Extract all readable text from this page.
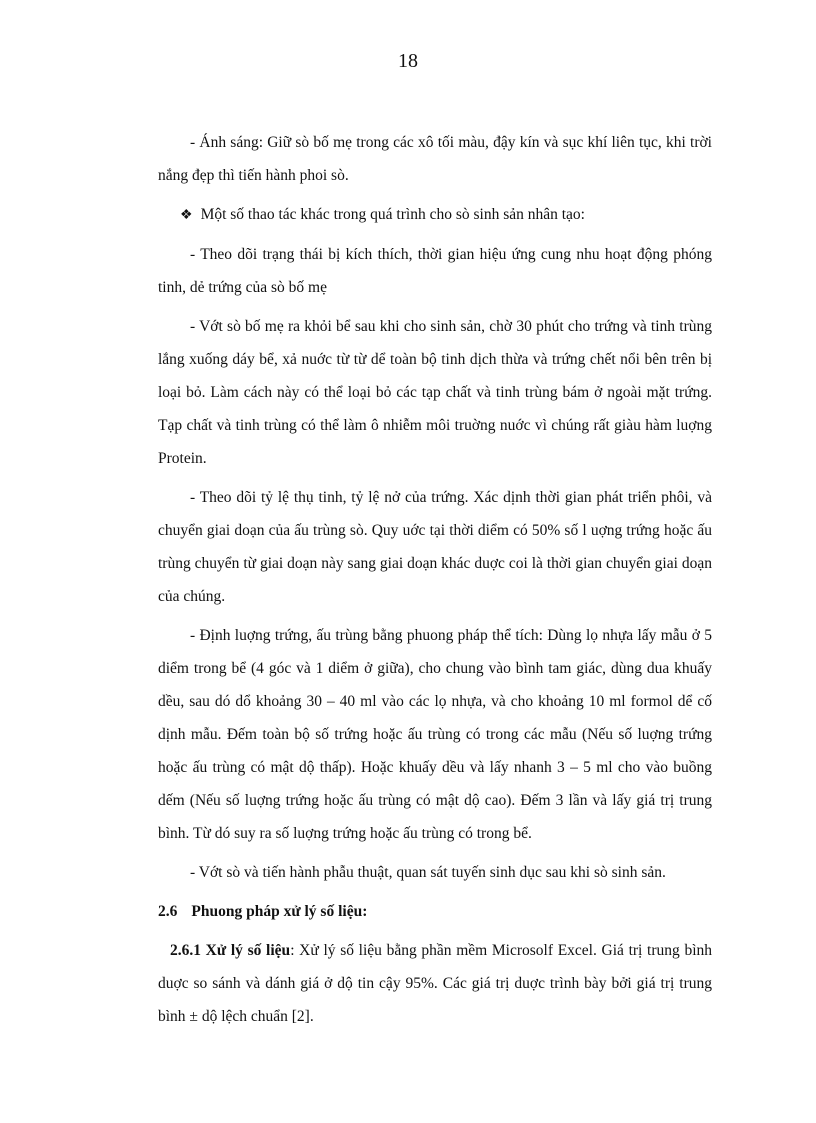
18

- Ánh sáng: Giữ sò bố mẹ trong các xô tối màu, đậy kín và sục khí liên tục, khi trời nắng đẹp thì tiến hành phoi sò.

❖ Một số thao tác khác trong quá trình cho sò sinh sản nhân tạo:

- Theo dõi trạng thái bị kích thích, thời gian hiệu ứng cung nhu hoạt động phóng tinh, dẻ trứng của sò bố mẹ

- Vớt sò bố mẹ ra khỏi bể sau khi cho sinh sản, chờ 30 phút cho trứng và tinh trùng lắng xuống dáy bể, xả nuớc từ từ dể toàn bộ tinh dịch thừa và trứng chết nổi bên trên bị loại bỏ. Làm cách này có thể loại bỏ các tạp chất và tinh trùng bám ở ngoài mặt trứng. Tạp chất và tinh trùng có thể làm ô nhiễm môi truờng nuớc vì chúng rất giàu hàm luợng Protein.

- Theo dõi tỷ lệ thụ tinh, tỷ lệ nở của trứng. Xác dịnh thời gian phát triển phôi, và chuyển giai doạn của ấu trùng sò. Quy uớc tại thời diểm có 50% số l uợng trứng hoặc ấu trùng chuyển từ giai doạn này sang giai doạn khác duợc coi là thời gian chuyển giai doạn của chúng.

- Ðịnh luợng trứng, ấu trùng bằng phuong pháp thể tích: Dùng lọ nhựa lấy mẫu ở 5 diểm trong bể (4 góc và 1 diểm ở giữa), cho chung vào bình tam giác, dùng dua khuấy dều, sau dó dổ khoảng 30 – 40 ml vào các lọ nhựa, và cho khoảng 10 ml formol dể cố dịnh mẫu. Ðếm toàn bộ số trứng hoặc ấu trùng có trong các mẫu (Nếu số luợng trứng hoặc ấu trùng có mật dộ thấp). Hoặc khuấy dều và lấy nhanh 3 – 5 ml cho vào buồng dếm (Nếu số luợng trứng hoặc ấu trùng có mật dộ cao). Ðếm 3 lần và lấy giá trị trung bình. Từ dó suy ra số luợng trứng hoặc ấu trùng có trong bể.

- Vớt sò và tiến hành phẫu thuật, quan sát tuyến sinh dục sau khi sò sinh sản.

2.6 Phuong pháp xử lý số liệu:

2.6.1 Xử lý số liệu: Xử lý số liệu bằng phần mềm Microsolf Excel. Giá trị trung bình duợc so sánh và dánh giá ở dộ tin cậy 95%. Các giá trị duợc trình bày bởi giá trị trung bình ± dộ lệch chuẩn [2].
